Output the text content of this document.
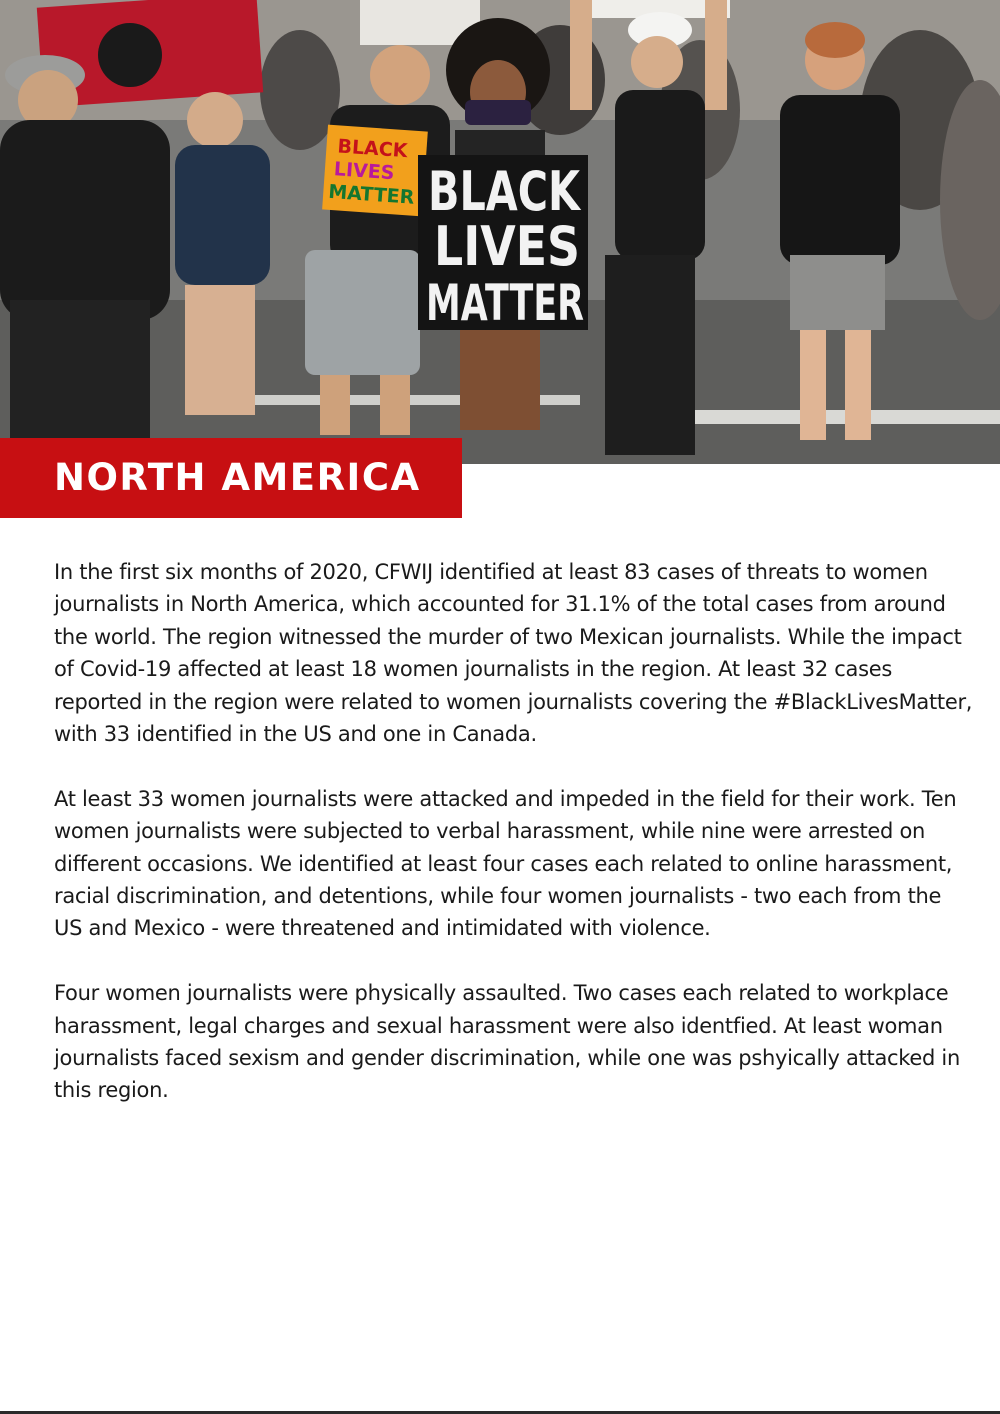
BLACK
LIVES
MATTER BLACK
LIVES
MATTER
NORTH AMERICA

In the first six months of 2020, CFWIJ identified at least 83 cases of threats to women journalists in North America, which accounted for 31.1% of the total cases from around the world. The region witnessed the murder of two Mexican journalists. While the impact of Covid-19 affected at least 18 women journalists in the region. At least 32 cases reported in the region were related to women journalists covering the #BlackLivesMatter, with 33 identified in the US and one in Canada.

At least 33 women journalists were attacked and impeded in the field for their work. Ten women journalists were subjected to verbal harassment, while nine were arrested on different occasions. We identified at least four cases each related to online harassment, racial discrimination, and detentions, while four women journalists - two each from the US and Mexico - were threatened and intimidated with violence.

Four women journalists were physically assaulted. Two cases each related to workplace harassment, legal charges and sexual harassment were also identfied. At least woman journalists faced sexism and gender discrimination, while one was pshyically attacked in this region.
